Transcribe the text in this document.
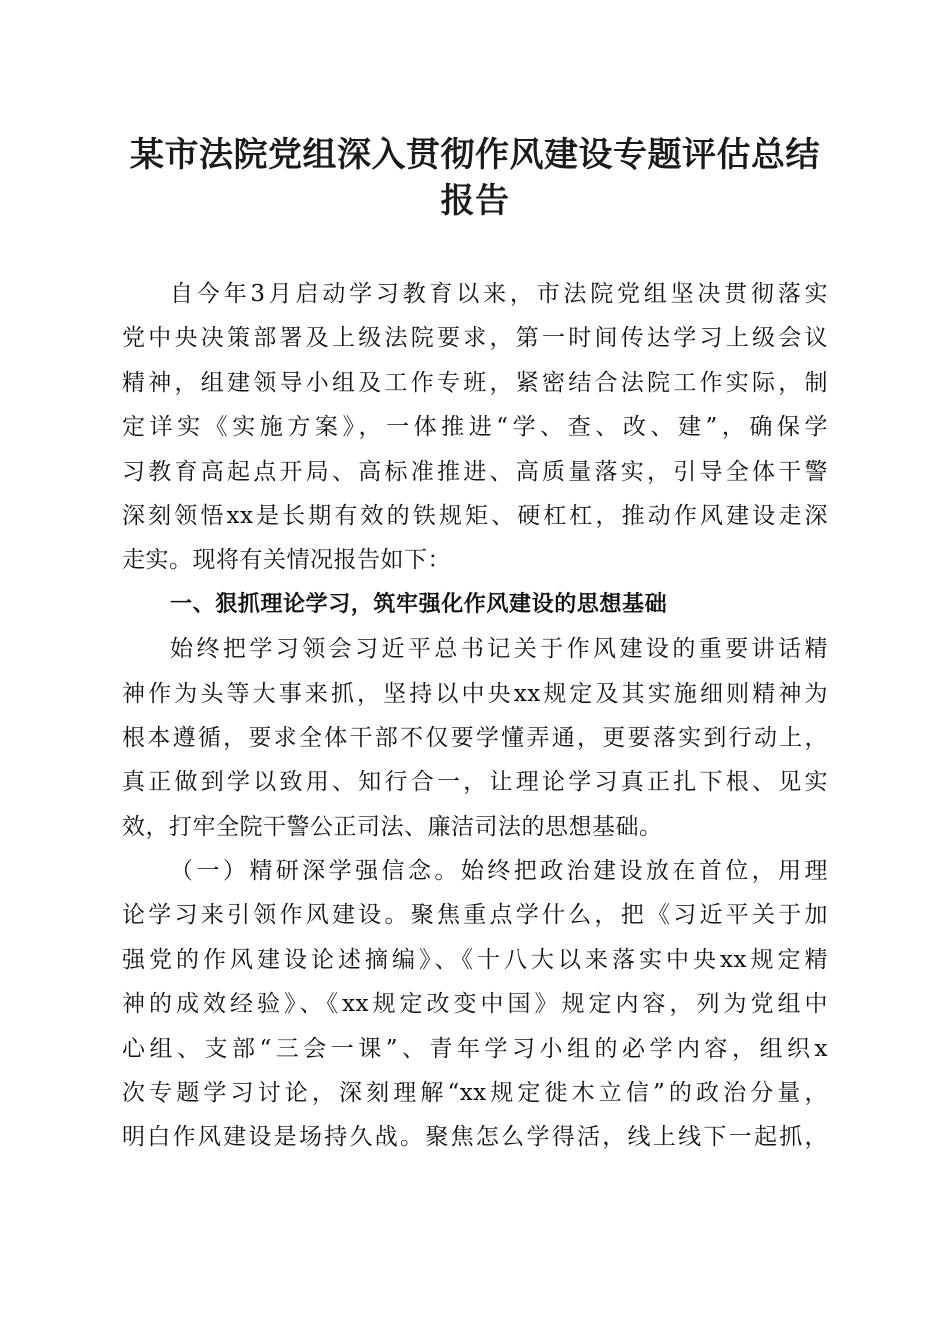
某市法院党组深入贯彻作风建设专题评估总结
报告
自今年3月启动学习教育以来，市法院党组坚决贯彻落实
党中央决策部署及上级法院要求，第一时间传达学习上级会议
精神，组建领导小组及工作专班，紧密结合法院工作实际，制
定详实《实施方案》，一体推进“学、查、改、建”，确保学
习教育高起点开局、高标准推进、高质量落实，引导全体干警
深刻领悟xx是长期有效的铁规矩、硬杠杠，推动作风建设走深
走实。现将有关情况报告如下：
一、狠抓理论学习，筑牢强化作风建设的思想基础
始终把学习领会习近平总书记关于作风建设的重要讲话精
神作为头等大事来抓，坚持以中央xx规定及其实施细则精神为
根本遵循，要求全体干部不仅要学懂弄通，更要落实到行动上，
真正做到学以致用、知行合一，让理论学习真正扎下根、见实
效，打牢全院干警公正司法、廉洁司法的思想基础。
（一）精研深学强信念。始终把政治建设放在首位，用理
论学习来引领作风建设。聚焦重点学什么，把《习近平关于加
强党的作风建设论述摘编》、《十八大以来落实中央xx规定精
神的成效经验》、《xx规定改变中国》规定内容，列为党组中
心组、支部“三会一课”、青年学习小组的必学内容，组织x
次专题学习讨论，深刻理解“xx规定徙木立信”的政治分量，
明白作风建设是场持久战。聚焦怎么学得活，线上线下一起抓，
